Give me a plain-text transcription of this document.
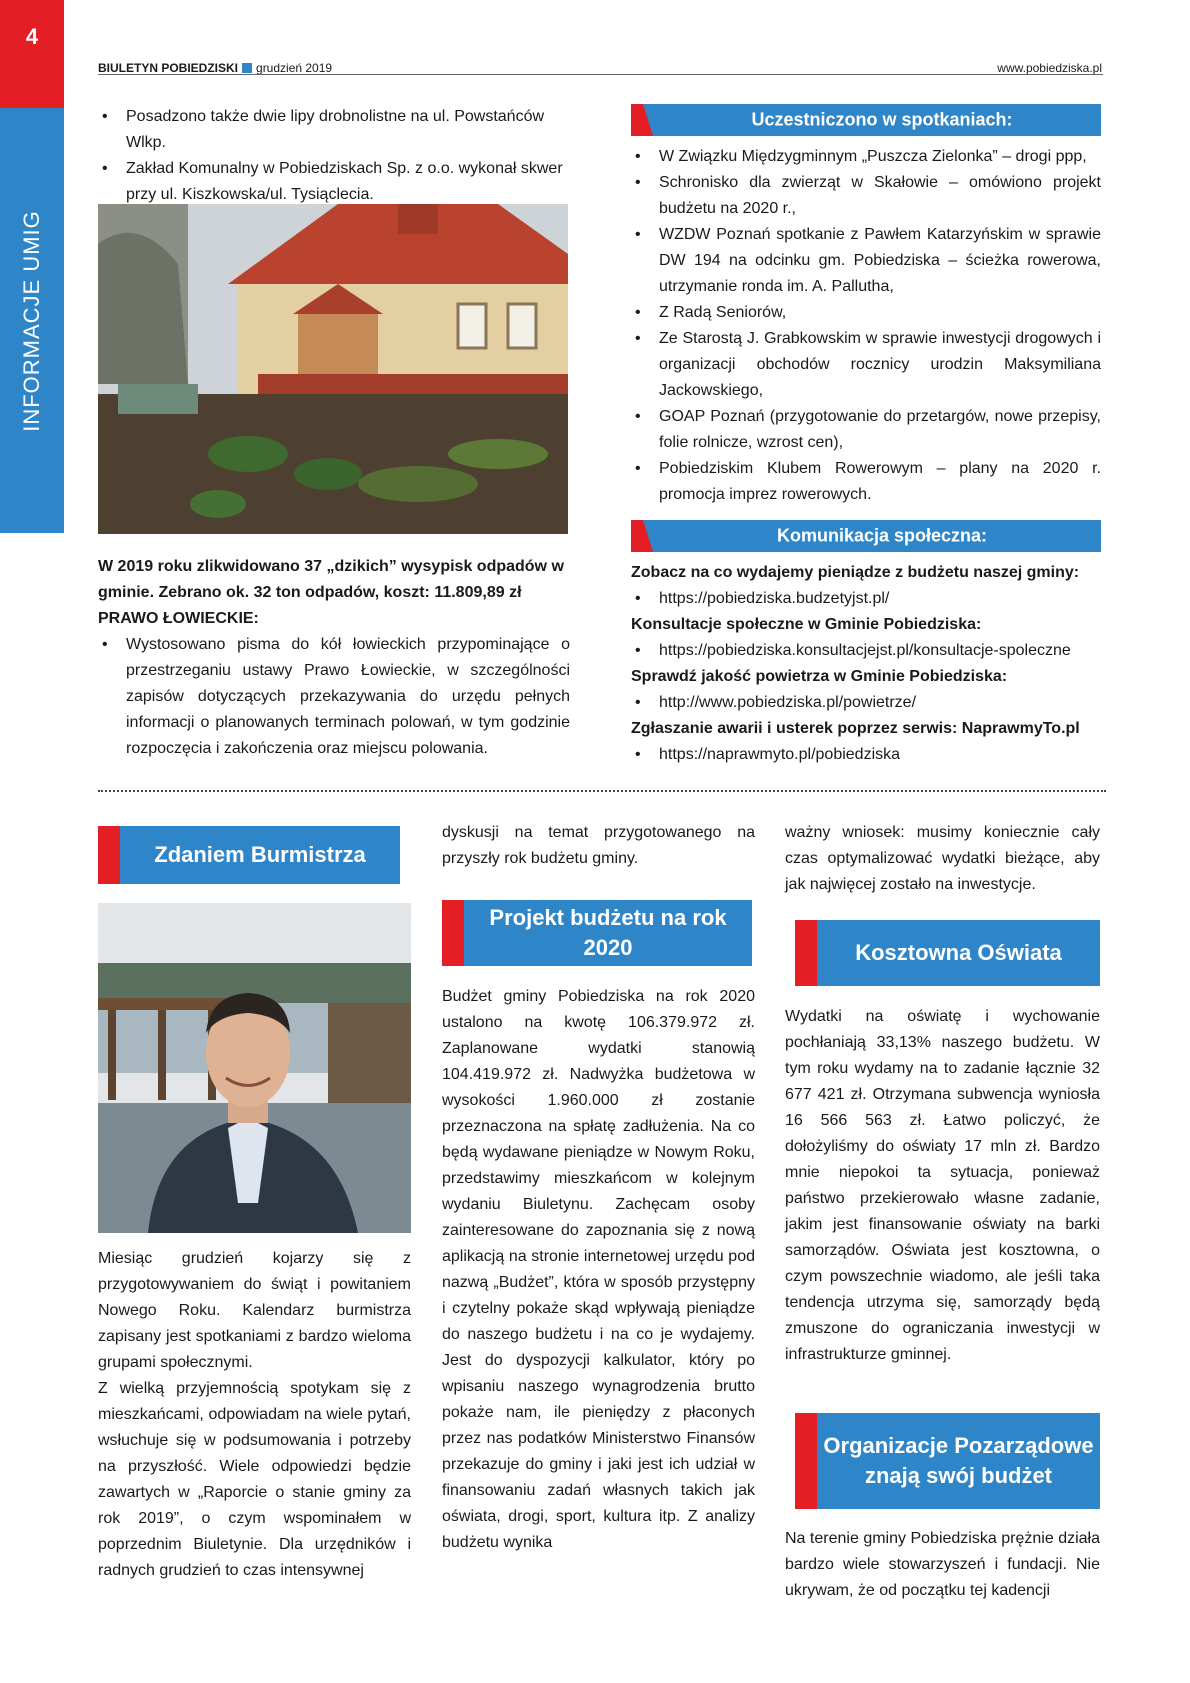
4
INFORMACJE UMIG
BIULETYN POBIEDZISKI grudzień 2019	www.pobiedziska.pl
• Posadzono także dwie lipy drobnolistne na ul. Powstańców Wlkp.
• Zakład Komunalny w Pobiedziskach Sp. z o.o. wykonał skwer przy ul. Kiszkowska/ul. Tysiąclecia.
W 2019 roku zlikwidowano 37 „dzikich” wysypisk odpadów w gminie. Zebrano ok. 32 ton odpadów, koszt: 11.809,89 zł
PRAWO ŁOWIECKIE:
• Wystosowano pisma do kół łowieckich przypominające o przestrzeganiu ustawy Prawo Łowieckie, w szczególności zapisów dotyczących przekazywania do urzędu pełnych informacji o planowanych terminach polowań, w tym godzinie rozpoczęcia i zakończenia oraz miejscu polowania.
Uczestniczono w spotkaniach:
• W Związku Międzygminnym „Puszcza Zielonka” – drogi ppp,
• Schronisko dla zwierząt w Skałowie – omówiono projekt budżetu na 2020 r.,
• WZDW Poznań spotkanie z Pawłem Katarzyńskim w sprawie DW 194 na odcinku gm. Pobiedziska – ścieżka rowerowa, utrzymanie ronda im. A. Pallutha,
• Z Radą Seniorów,
• Ze Starostą J. Grabkowskim w sprawie inwestycji drogowych i organizacji obchodów rocznicy urodzin Maksymiliana Jackowskiego,
• GOAP Poznań (przygotowanie do przetargów, nowe przepisy, folie rolnicze, wzrost cen),
• Pobiedziskim Klubem Rowerowym – plany na 2020 r. promocja imprez rowerowych.
Komunikacja społeczna:
Zobacz na co wydajemy pieniądze z budżetu naszej gminy:
• https://pobiedziska.budzetyjst.pl/
Konsultacje społeczne w Gminie Pobiedziska:
• https://pobiedziska.konsultacjejst.pl/konsultacje-spoleczne
Sprawdź jakość powietrza w Gminie Pobiedziska:
• http://www.pobiedziska.pl/powietrze/
Zgłaszanie awarii i usterek poprzez serwis: NaprawmyTo.pl
• https://naprawmyto.pl/pobiedziska
Zdaniem Burmistrza
Miesiąc grudzień kojarzy się z przygotowywaniem do świąt i powitaniem Nowego Roku. Kalendarz burmistrza zapisany jest spotkaniami z bardzo wieloma grupami społecznymi.
Z wielką przyjemnością spotykam się z mieszkańcami, odpowiadam na wiele pytań, wsłuchuje się w podsumowania i potrzeby na przyszłość. Wiele odpowiedzi będzie zawartych w „Raporcie o stanie gminy za rok 2019”, o czym wspominałem w poprzednim Biuletynie. Dla urzędników i radnych grudzień to czas intensywnej
dyskusji na temat przygotowanego na przyszły rok budżetu gminy.
Projekt budżetu na rok 2020
Budżet gminy Pobiedziska na rok 2020 ustalono na kwotę 106.379.972 zł. Zaplanowane wydatki stanowią 104.419.972 zł. Nadwyżka budżetowa w wysokości 1.960.000 zł zostanie przeznaczona na spłatę zadłużenia. Na co będą wydawane pieniądze w Nowym Roku, przedstawimy mieszkańcom w kolejnym wydaniu Biuletynu. Zachęcam osoby zainteresowane do zapoznania się z nową aplikacją na stronie internetowej urzędu pod nazwą „Budżet”, która w sposób przystępny i czytelny pokaże skąd wpływają pieniądze do naszego budżetu i na co je wydajemy. Jest do dyspozycji kalkulator, który po wpisaniu naszego wynagrodzenia brutto pokaże nam, ile pieniędzy z płaconych przez nas podatków Ministerstwo Finansów przekazuje do gminy i jaki jest ich udział w finansowaniu zadań własnych takich jak oświata, drogi, sport, kultura itp. Z analizy budżetu wynika
ważny wniosek: musimy koniecznie cały czas optymalizować wydatki bieżące, aby jak najwięcej zostało na inwestycje.
Kosztowna Oświata
Wydatki na oświatę i wychowanie pochłaniają 33,13% naszego budżetu. W tym roku wydamy na to zadanie łącznie 32 677 421 zł. Otrzymana subwencja wyniosła 16 566 563 zł. Łatwo policzyć, że dołożyliśmy do oświaty 17 mln zł. Bardzo mnie niepokoi ta sytuacja, ponieważ państwo przekierowało własne zadanie, jakim jest finansowanie oświaty na barki samorządów. Oświata jest kosztowna, o czym powszechnie wiadomo, ale jeśli taka tendencja utrzyma się, samorządy będą zmuszone do ograniczania inwestycji w infrastrukturze gminnej.
Organizacje Pozarządowe znają swój budżet
Na terenie gminy Pobiedziska prężnie działa bardzo wiele stowarzyszeń i fundacji. Nie ukrywam, że od początku tej kadencji
